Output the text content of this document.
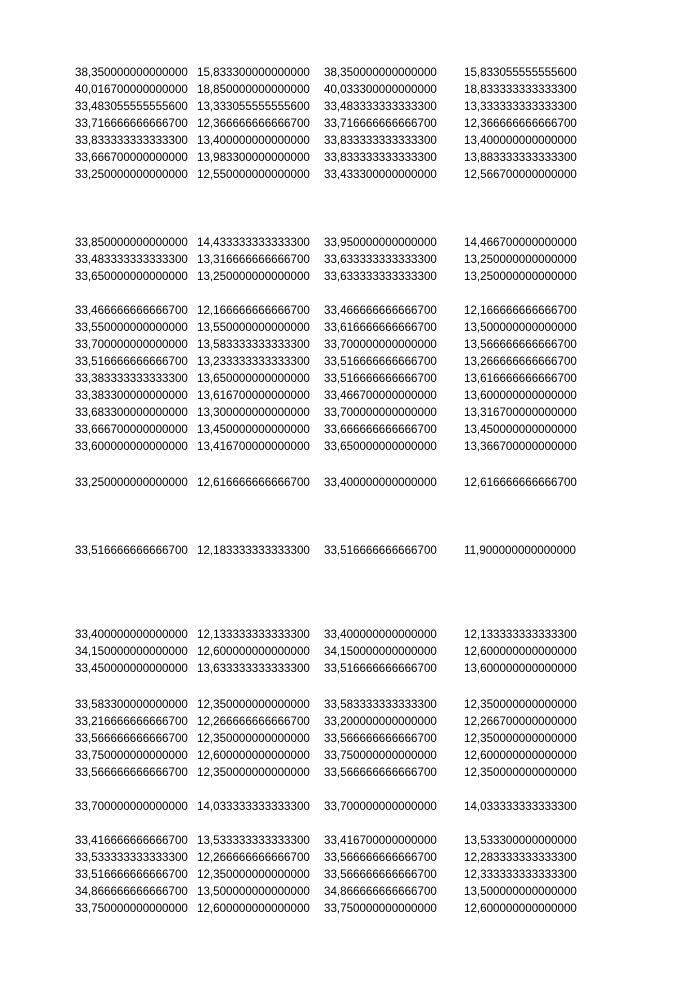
38,350000000000000 15,833300000000000 38,350000000000000 15,833055555555600
40,016700000000000 18,850000000000000 40,033300000000000 18,833333333333300
33,483055555555600 13,333055555555600 33,483333333333300 13,333333333333300
33,716666666666700 12,366666666666700 33,716666666666700 12,366666666666700
33,833333333333300 13,400000000000000 33,833333333333300 13,400000000000000
33,666700000000000 13,983300000000000 33,833333333333300 13,883333333333300
33,250000000000000 12,550000000000000 33,433300000000000 12,566700000000000
33,850000000000000 14,433333333333300 33,950000000000000 14,466700000000000
33,483333333333300 13,316666666666700 33,633333333333300 13,250000000000000
33,650000000000000 13,250000000000000 33,633333333333300 13,250000000000000
33,466666666666700 12,166666666666700 33,466666666666700 12,166666666666700
33,550000000000000 13,550000000000000 33,616666666666700 13,500000000000000
33,700000000000000 13,583333333333300 33,700000000000000 13,566666666666700
33,516666666666700 13,233333333333300 33,516666666666700 13,266666666666700
33,383333333333300 13,650000000000000 33,516666666666700 13,616666666666700
33,383300000000000 13,616700000000000 33,466700000000000 13,600000000000000
33,683300000000000 13,300000000000000 33,700000000000000 13,316700000000000
33,666700000000000 13,450000000000000 33,666666666666700 13,450000000000000
33,600000000000000 13,416700000000000 33,650000000000000 13,366700000000000
33,250000000000000 12,616666666666700 33,400000000000000 12,616666666666700
33,516666666666700 12,183333333333300 33,516666666666700 11,900000000000000
33,400000000000000 12,133333333333300 33,400000000000000 12,133333333333300
34,150000000000000 12,600000000000000 34,150000000000000 12,600000000000000
33,450000000000000 13,633333333333300 33,516666666666700 13,600000000000000
33,583300000000000 12,350000000000000 33,583333333333300 12,350000000000000
33,216666666666700 12,266666666666700 33,200000000000000 12,266700000000000
33,566666666666700 12,350000000000000 33,566666666666700 12,350000000000000
33,750000000000000 12,600000000000000 33,750000000000000 12,600000000000000
33,566666666666700 12,350000000000000 33,566666666666700 12,350000000000000
33,700000000000000 14,033333333333300 33,700000000000000 14,033333333333300
33,416666666666700 13,533333333333300 33,416700000000000 13,533300000000000
33,533333333333300 12,266666666666700 33,566666666666700 12,283333333333300
33,516666666666700 12,350000000000000 33,566666666666700 12,333333333333300
34,866666666666700 13,500000000000000 34,866666666666700 13,500000000000000
33,750000000000000 12,600000000000000 33,750000000000000 12,600000000000000
